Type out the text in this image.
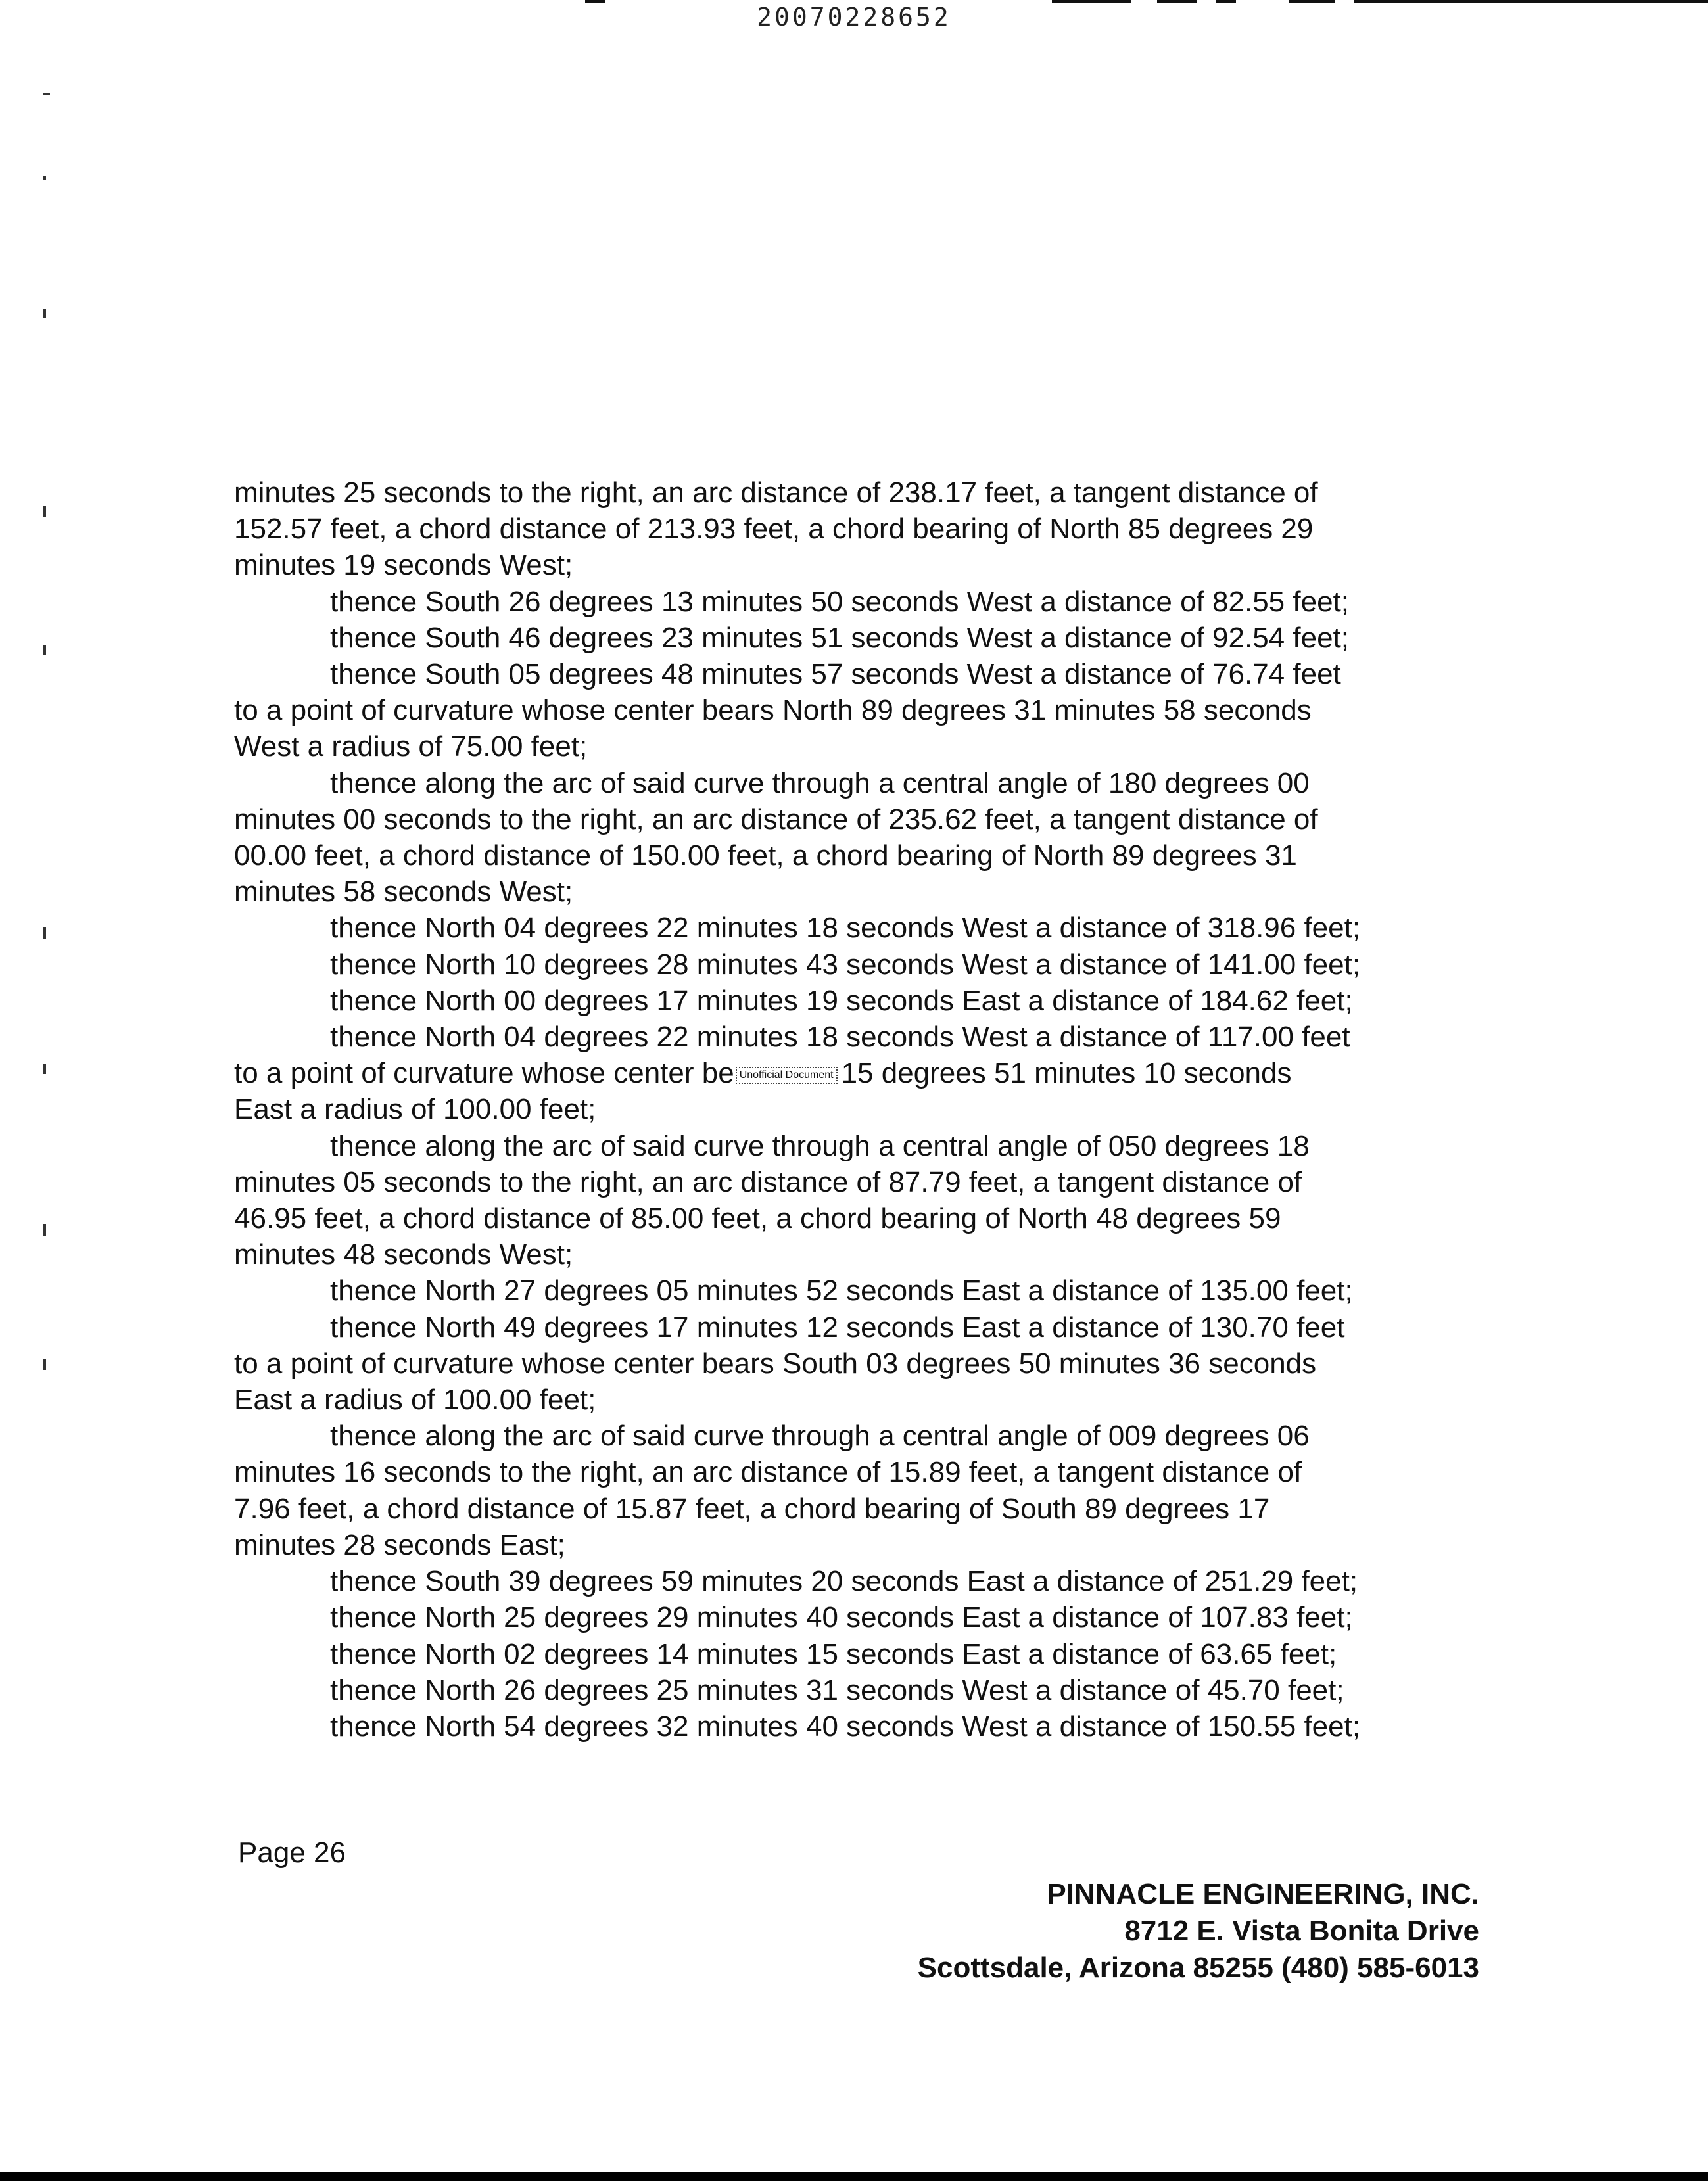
20070228652
minutes 25 seconds to the right, an arc distance of 238.17 feet, a tangent distance of
152.57 feet, a chord distance of 213.93 feet, a chord bearing of North 85 degrees 29
minutes 19 seconds West;
thence South 26 degrees 13 minutes 50 seconds West a distance of 82.55 feet;
thence South 46 degrees 23 minutes 51 seconds West a distance of 92.54 feet;
thence South 05 degrees 48 minutes 57 seconds West a distance of 76.74 feet
to a point of curvature whose center bears North 89 degrees 31 minutes 58 seconds
West a radius of 75.00 feet;
thence along the arc of said curve through a central angle of 180 degrees 00
minutes 00 seconds to the right, an arc distance of 235.62 feet, a tangent distance of
00.00 feet, a chord distance of 150.00 feet, a chord bearing of North 89 degrees 31
minutes 58 seconds West;
thence North 04 degrees 22 minutes 18 seconds West a distance of 318.96 feet;
thence North 10 degrees 28 minutes 43 seconds West a distance of 141.00 feet;
thence North 00 degrees 17 minutes 19 seconds East a distance of 184.62 feet;
thence North 04 degrees 22 minutes 18 seconds West a distance of 117.00 feet
to a point of curvature whose center be Unofficial Document 15 degrees 51 minutes 10 seconds
East a radius of 100.00 feet;
thence along the arc of said curve through a central angle of 050 degrees 18
minutes 05 seconds to the right, an arc distance of 87.79 feet, a tangent distance of
46.95 feet, a chord distance of 85.00 feet, a chord bearing of North 48 degrees 59
minutes 48 seconds West;
thence North 27 degrees 05 minutes 52 seconds East a distance of 135.00 feet;
thence North 49 degrees 17 minutes 12 seconds East a distance of 130.70 feet
to a point of curvature whose center bears South 03 degrees 50 minutes 36 seconds
East a radius of 100.00 feet;
thence along the arc of said curve through a central angle of 009 degrees 06
minutes 16 seconds to the right, an arc distance of 15.89 feet, a tangent distance of
7.96 feet, a chord distance of 15.87 feet, a chord bearing of South 89 degrees 17
minutes 28 seconds East;
thence South 39 degrees 59 minutes 20 seconds East a distance of 251.29 feet;
thence North 25 degrees 29 minutes 40 seconds East a distance of 107.83 feet;
thence North 02 degrees 14 minutes 15 seconds East a distance of 63.65 feet;
thence North 26 degrees 25 minutes 31 seconds West a distance of 45.70 feet;
thence North 54 degrees 32 minutes 40 seconds West a distance of 150.55 feet;
Page 26
PINNACLE ENGINEERING, INC.
8712 E. Vista Bonita Drive
Scottsdale, Arizona 85255 (480) 585-6013
